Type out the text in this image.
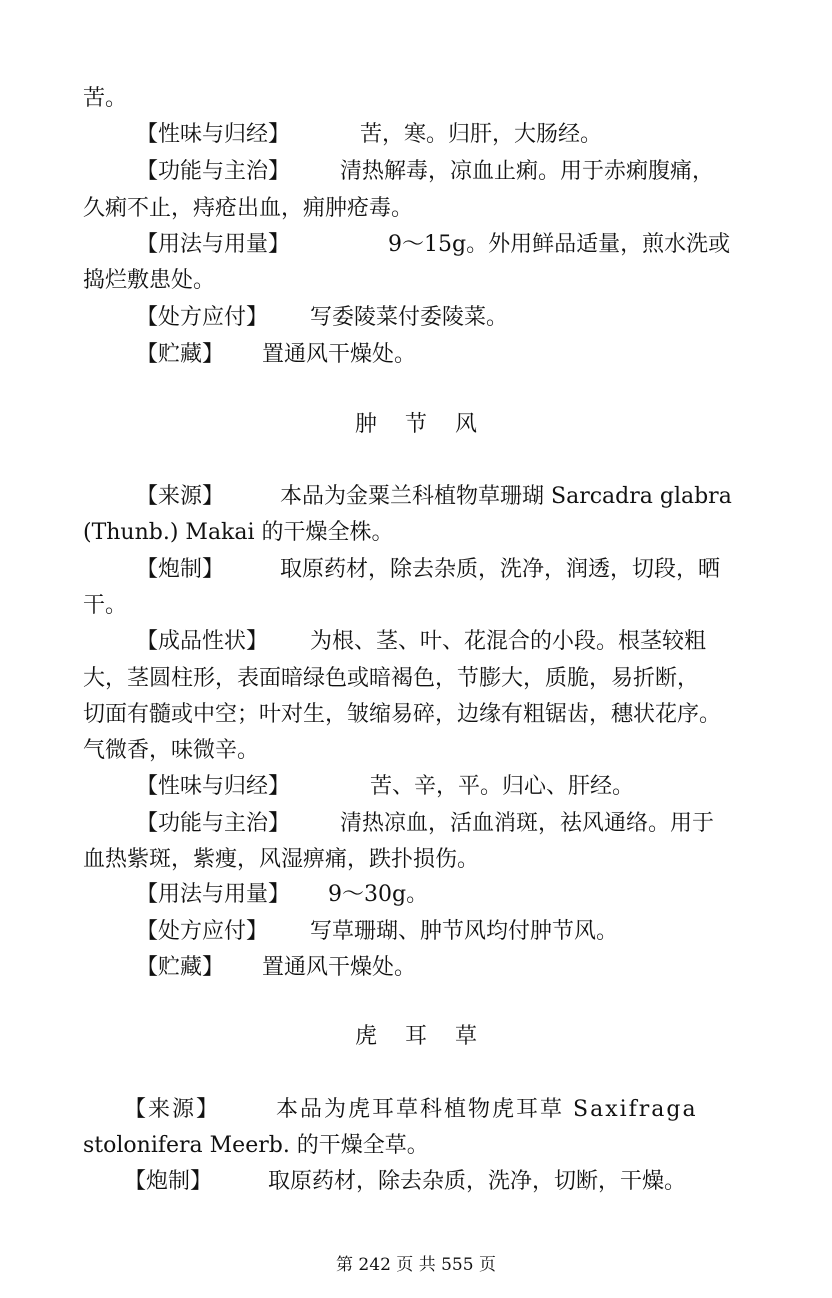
苦。
【性味与归经】	苦，寒。归肝，大肠经。
【功能与主治】 清热解毒，凉血止痢。用于赤痢腹痛，
久痢不止，痔疮出血，痈肿疮毒。
【用法与用量】	9～15g。外用鲜品适量，煎水洗或
捣烂敷患处。
【处方应付】 写委陵菜付委陵菜。
【贮藏】 置通风干燥处。
肿节风
【来源】	本品为金粟兰科植物草珊瑚 Sarcadra glabra
(Thunb.) Makai 的干燥全株。
【炮制】	取原药材，除去杂质，洗净，润透，切段，晒
干。
【成品性状】 为根、茎、叶、花混合的小段。根茎较粗
大，茎圆柱形，表面暗绿色或暗褐色，节膨大，质脆，易折断，
切面有髓或中空；叶对生，皱缩易碎，边缘有粗锯齿，穗状花序。
气微香，味微辛。
【性味与归经】	苦、辛，平。归心、肝经。
【功能与主治】 清热凉血，活血消斑，祛风通络。用于
血热紫斑，紫痩，风湿痹痛，跌扑损伤。
【用法与用量】 9～30g。
【处方应付】 写草珊瑚、肿节风均付肿节风。
【贮藏】 置通风干燥处。
虎耳草
【来源】	本品为虎耳草科植物虎耳草 Saxifraga
stolonifera Meerb. 的干燥全草。
【炮制】	取原药材，除去杂质，洗净，切断，干燥。
第 242 页 共 555 页
